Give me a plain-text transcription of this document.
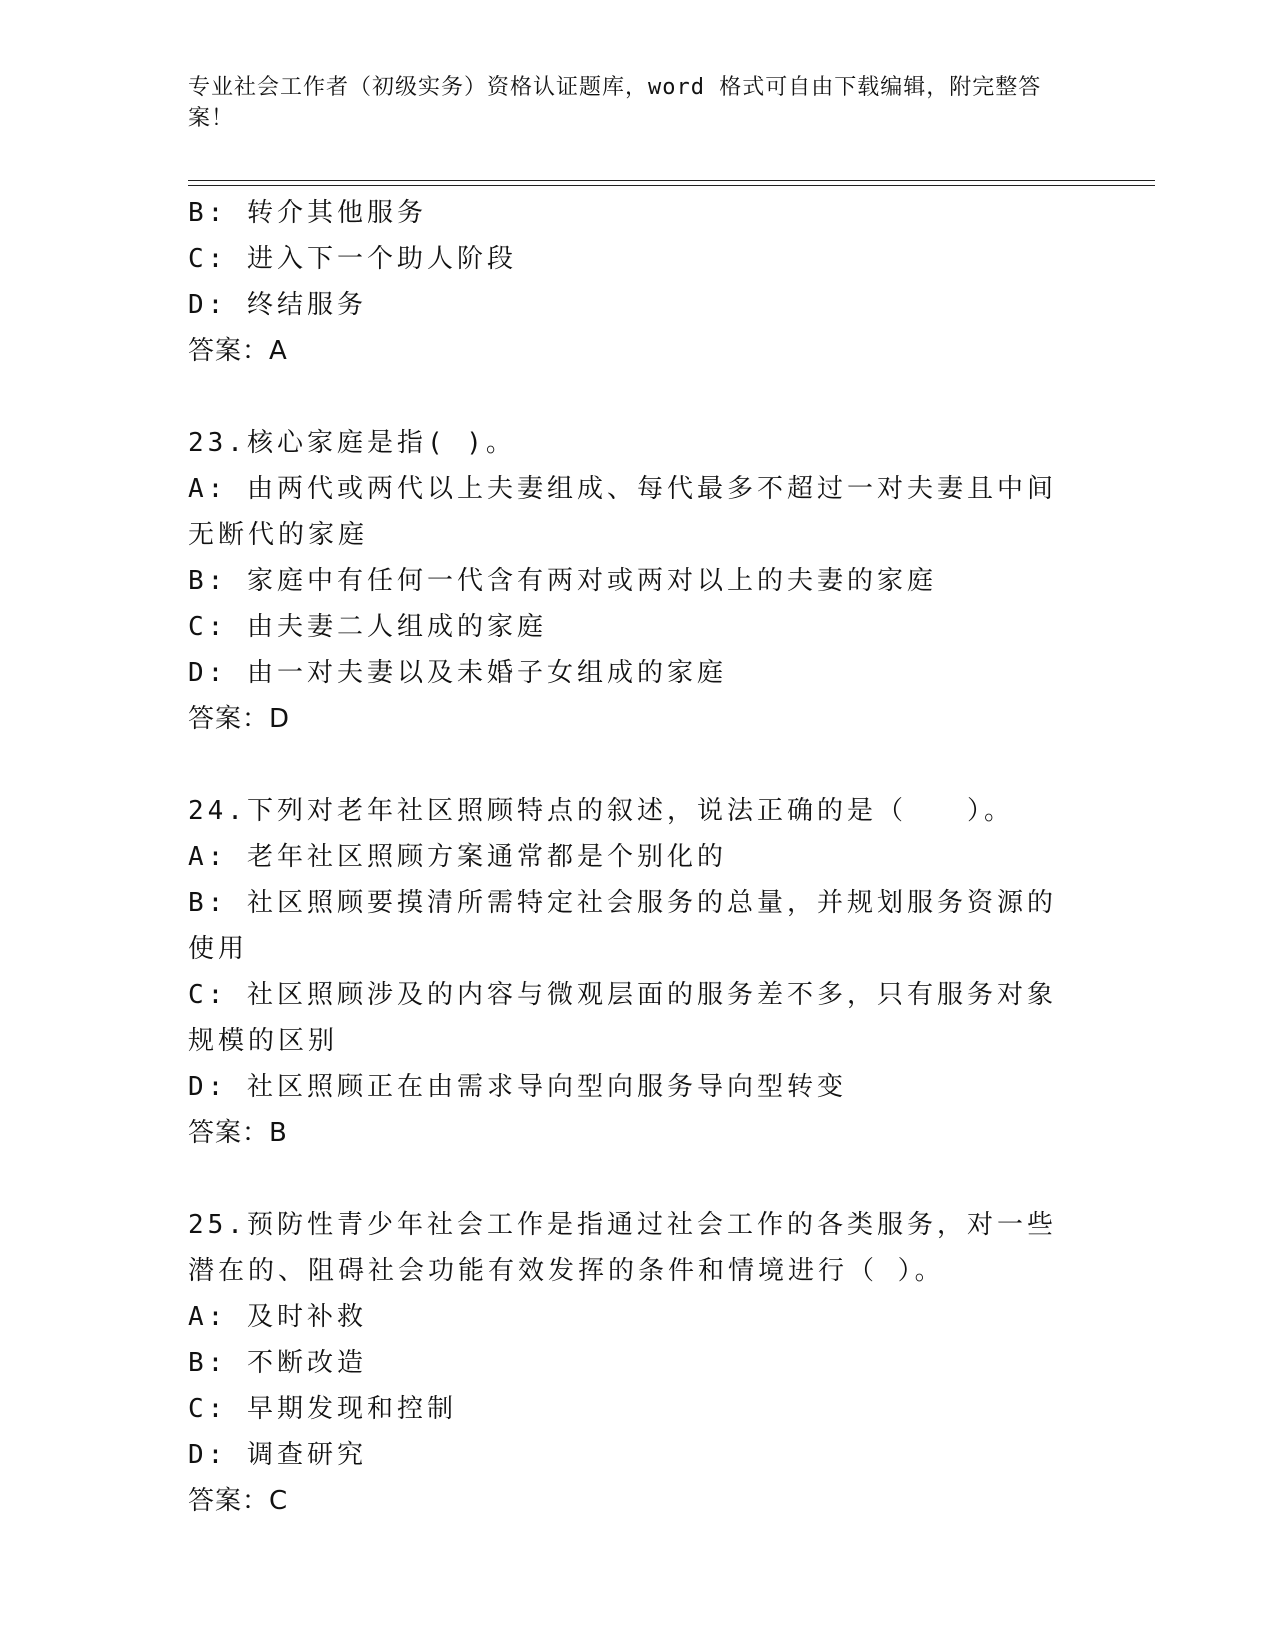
专业社会工作者（初级实务）资格认证题库，word 格式可自由下载编辑，附完整答案！

B: 转介其他服务

C: 进入下一个助人阶段

D: 终结服务

答案：A

23.核心家庭是指( )。

A: 由两代或两代以上夫妻组成、每代最多不超过一对夫妻且中间无断代的家庭

B: 家庭中有任何一代含有两对或两对以上的夫妻的家庭

C: 由夫妻二人组成的家庭

D: 由一对夫妻以及未婚子女组成的家庭

答案：D

24.下列对老年社区照顾特点的叙述，说法正确的是（　　）。

A: 老年社区照顾方案通常都是个别化的

B: 社区照顾要摸清所需特定社会服务的总量，并规划服务资源的使用

C: 社区照顾涉及的内容与微观层面的服务差不多，只有服务对象规模的区别

D: 社区照顾正在由需求导向型向服务导向型转变

答案：B

25.预防性青少年社会工作是指通过社会工作的各类服务，对一些潜在的、阻碍社会功能有效发挥的条件和情境进行（ ）。

A: 及时补救

B: 不断改造

C: 早期发现和控制

D: 调查研究

答案：C
